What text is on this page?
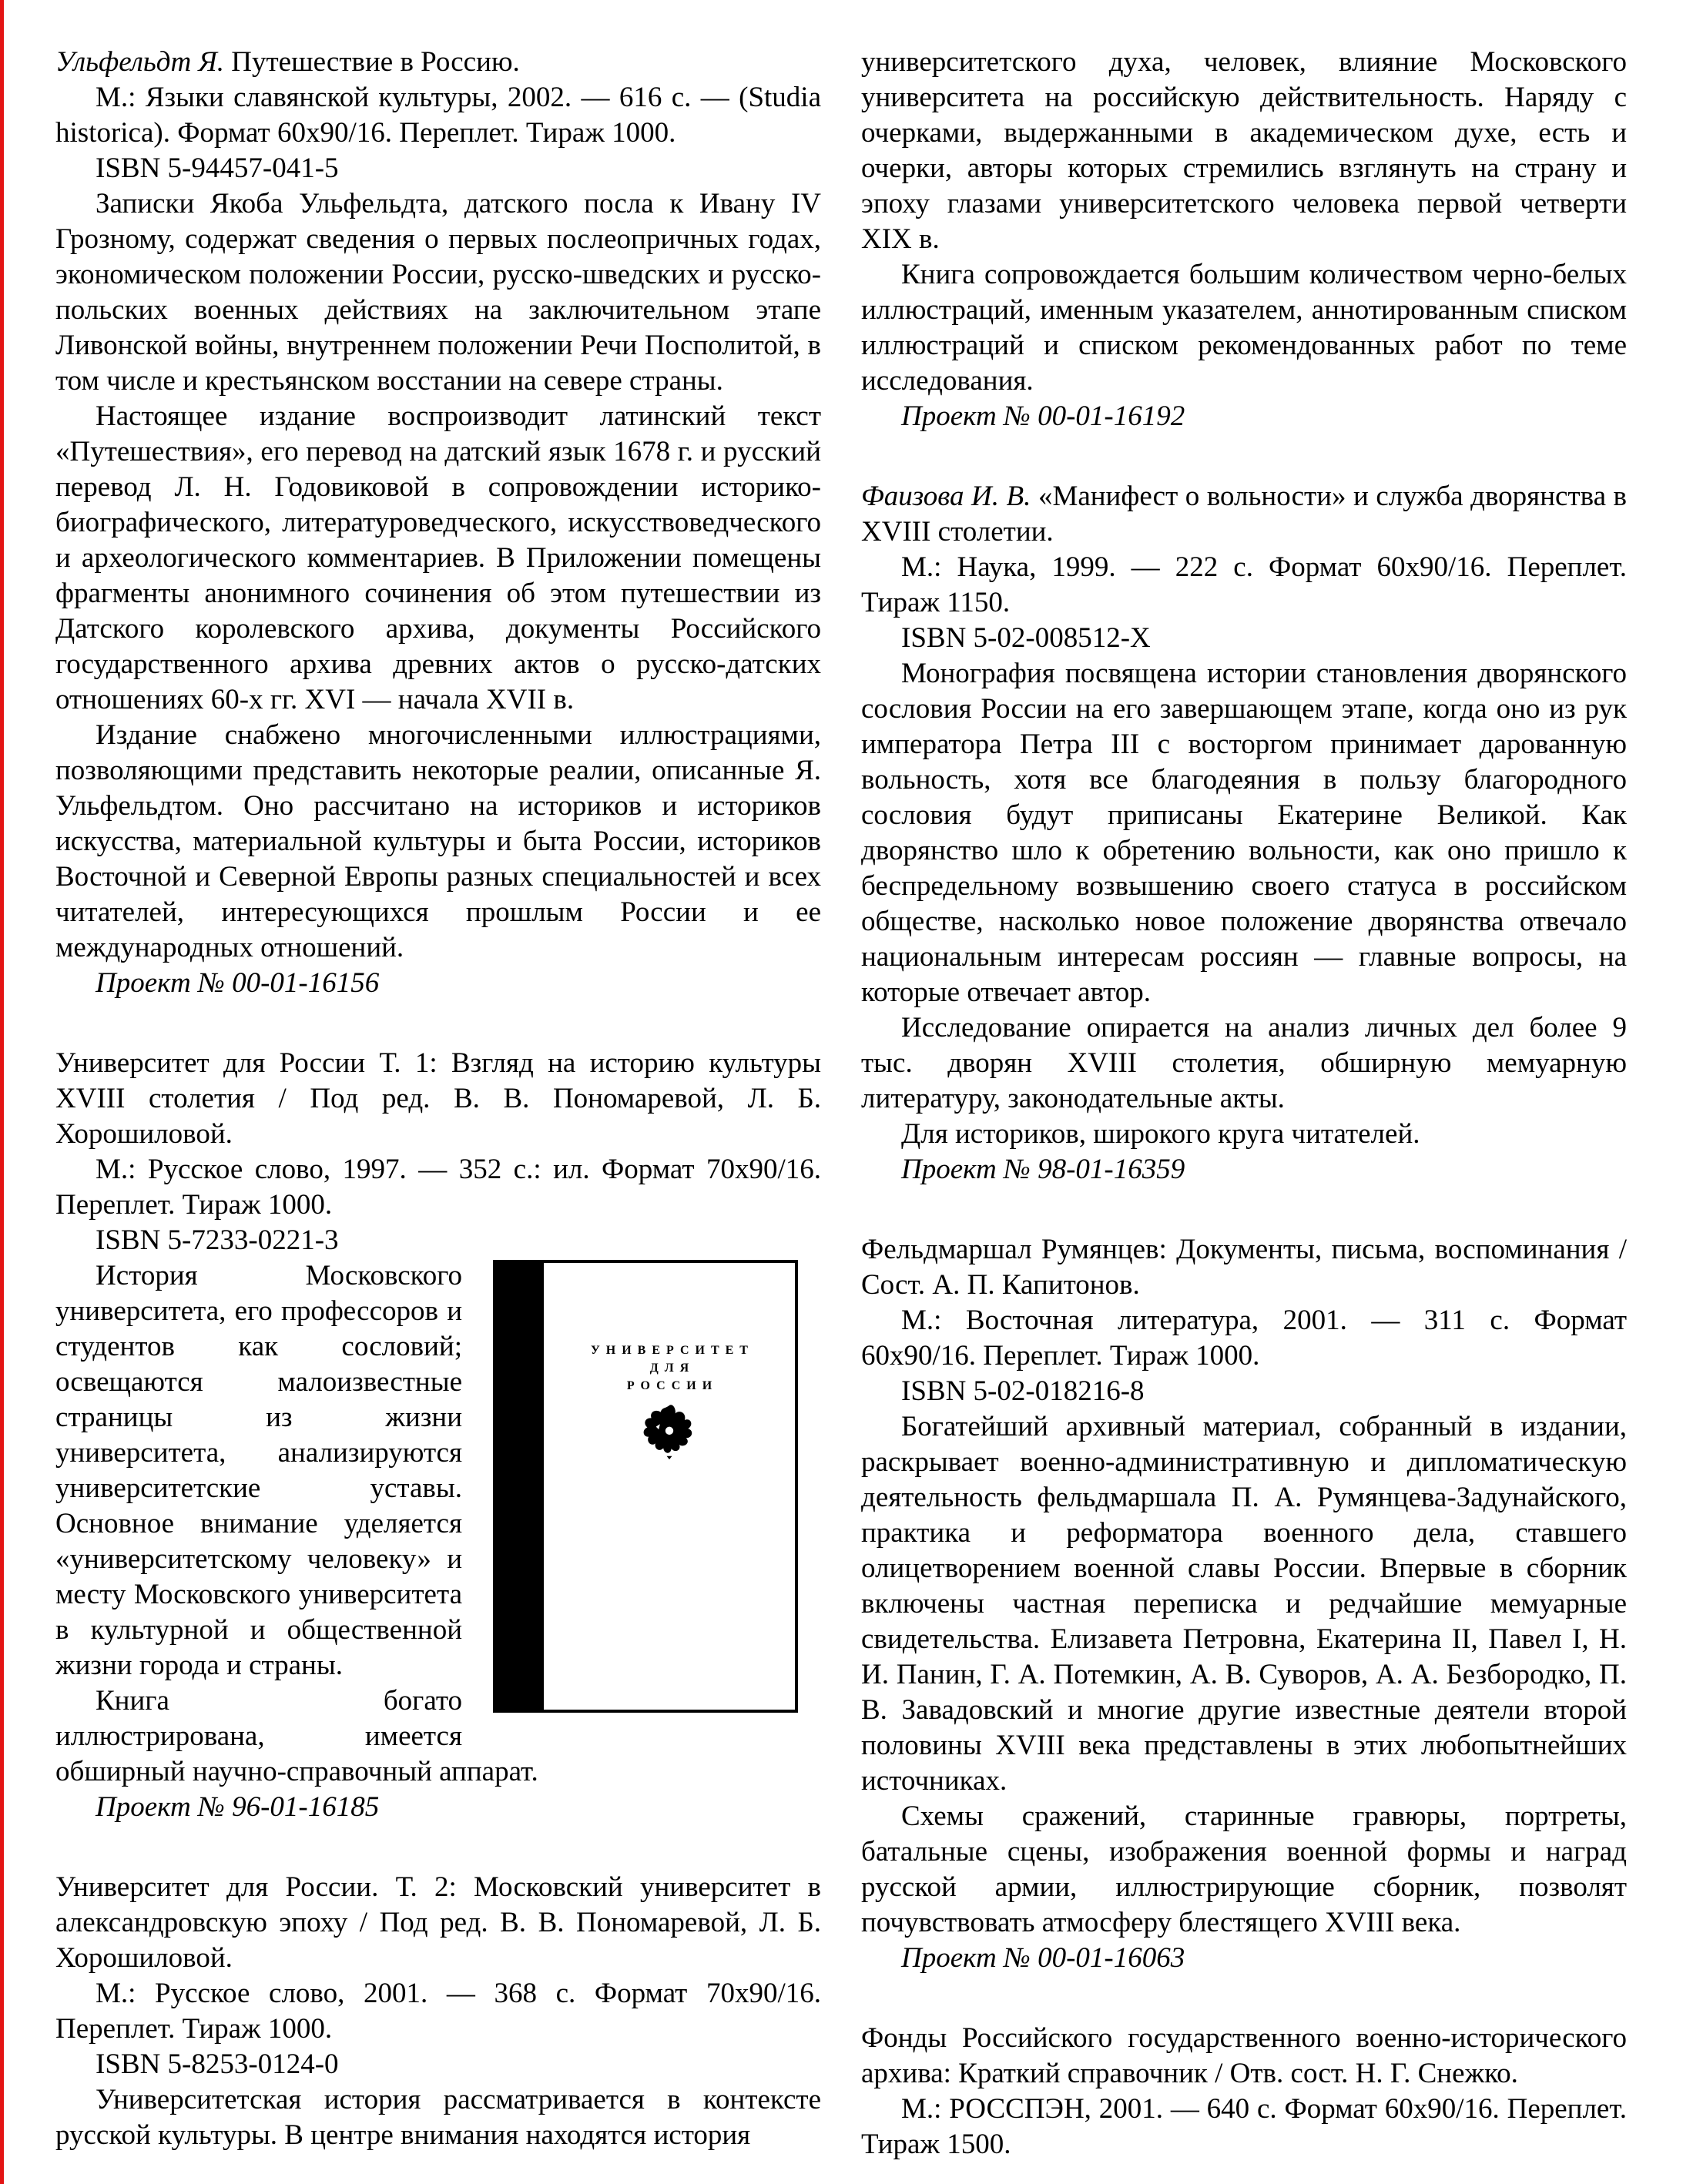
Ульфельдт Я. Путешествие в Россию.

М.: Языки славянской культуры, 2002. — 616 с. — (Studia historica). Формат 60х90/16. Переплет. Тираж 1000.

ISBN 5-94457-041-5

Записки Якоба Ульфельдта, датского посла к Ивану IV Грозному, содержат сведения о первых послеопричных годах, экономическом положении России, русско-шведских и русско-польских военных действиях на заключительном этапе Ливонской войны, внутреннем положении Речи Посполитой, в том числе и крестьянском восстании на севере страны.

Настоящее издание воспроизводит латинский текст «Путешествия», его перевод на датский язык 1678 г. и русский перевод Л. Н. Годовиковой в сопровождении историко-биографического, литературоведческого, искусствоведческого и археологического комментариев. В Приложении помещены фрагменты анонимного сочинения об этом путешествии из Датского королевского архива, документы Российского государственного архива древних актов о русско-датских отношениях 60-х гг. XVI — начала XVII в.

Издание снабжено многочисленными иллюстрациями, позволяющими представить некоторые реалии, описанные Я. Ульфельдтом. Оно рассчитано на историков и историков искусства, материальной культуры и быта России, историков Восточной и Северной Европы разных специальностей и всех читателей, интересующихся прошлым России и ее международных отношений.

Проект № 00-01-16156

Университет для России Т. 1: Взгляд на историю культуры XVIII столетия / Под ред. В. В. Пономаревой, Л. Б. Хорошиловой.

М.: Русское слово, 1997. — 352 с.: ил. Формат 70х90/16. Переплет. Тираж 1000.

ISBN 5-7233-0221-3

УНИВЕРСИТЕТ
ДЛЯ
РОССИИ

История Московского университета, его профессоров и студентов как сословий; освещаются малоизвестные страницы из жизни университета, анализируются университетские уставы. Основное внимание уделяется «университетскому человеку» и месту Московского университета в культурной и общественной жизни города и страны.

Книга богато иллюстрирована, имеется обширный научно-справочный аппарат.

Проект № 96-01-16185

Университет для России. Т. 2: Московский университет в александровскую эпоху / Под ред. В. В. Пономаревой, Л. Б. Хорошиловой.

М.: Русское слово, 2001. — 368 с. Формат 70х90/16. Переплет. Тираж 1000.

ISBN 5-8253-0124-0

Университетская история рассматривается в контексте русской культуры. В центре внимания находятся история

университетского духа, человек, влияние Московского университета на российскую действительность. Наряду с очерками, выдержанными в академическом духе, есть и очерки, авторы которых стремились взглянуть на страну и эпоху глазами университетского человека первой четверти XIX в.

Книга сопровождается большим количеством черно-белых иллюстраций, именным указателем, аннотированным списком иллюстраций и списком рекомендованных работ по теме исследования.

Проект № 00-01-16192

Фаизова И. В. «Манифест о вольности» и служба дворянства в XVIII столетии.

М.: Наука, 1999. — 222 с. Формат 60х90/16. Переплет. Тираж 1150.

ISBN 5-02-008512-X

Монография посвящена истории становления дворянского сословия России на его завершающем этапе, когда оно из рук императора Петра III с восторгом принимает дарованную вольность, хотя все благодеяния в пользу благородного сословия будут приписаны Екатерине Великой. Как дворянство шло к обретению вольности, как оно пришло к беспредельному возвышению своего статуса в российском обществе, насколько новое положение дворянства отвечало национальным интересам россиян — главные вопросы, на которые отвечает автор.

Исследование опирается на анализ личных дел более 9 тыс. дворян XVIII столетия, обширную мемуарную литературу, законодательные акты.

Для историков, широкого круга читателей.

Проект № 98-01-16359

Фельдмаршал Румянцев: Документы, письма, воспоминания / Сост. А. П. Капитонов.

М.: Восточная литература, 2001. — 311 с. Формат 60х90/16. Переплет. Тираж 1000.

ISBN 5-02-018216-8

Богатейший архивный материал, собранный в издании, раскрывает военно-административную и дипломатическую деятельность фельдмаршала П. А. Румянцева-Задунайского, практика и реформатора военного дела, ставшего олицетворением военной славы России. Впервые в сборник включены частная переписка и редчайшие мемуарные свидетельства. Елизавета Петровна, Екатерина II, Павел I, Н. И. Панин, Г. А. Потемкин, А. В. Суворов, А. А. Безбородко, П. В. Завадовский и многие другие известные деятели второй половины XVIII века представлены в этих любопытнейших источниках.

Схемы сражений, старинные гравюры, портреты, батальные сцены, изображения военной формы и наград русской армии, иллюстрирующие сборник, позволят почувствовать атмосферу блестящего XVIII века.

Проект № 00-01-16063

Фонды Российского государственного военно-исторического архива: Краткий справочник / Отв. сост. Н. Г. Снежко.

М.: РОССПЭН, 2001. — 640 с. Формат 60х90/16. Переплет. Тираж 1500.
